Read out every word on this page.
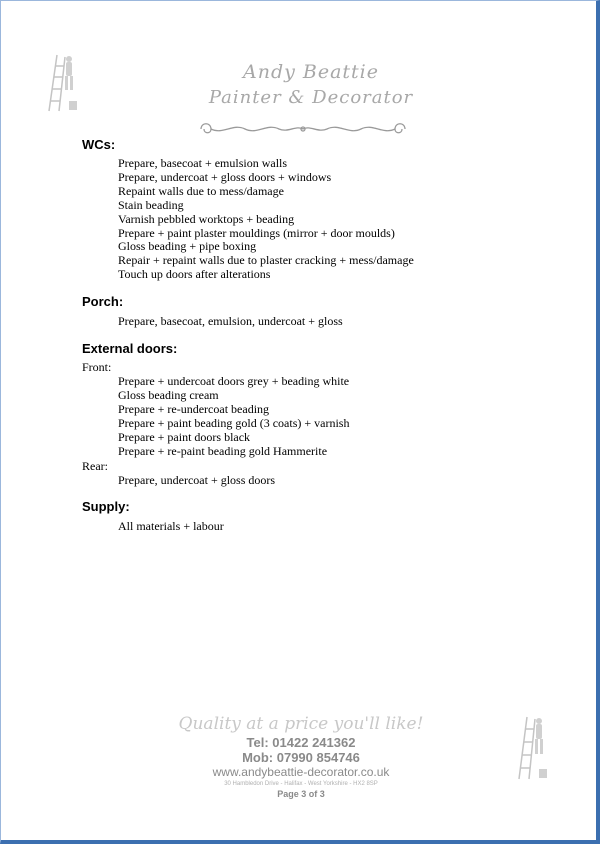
Andy Beattie
Painter & Decorator
WCs:
Prepare, basecoat + emulsion walls
Prepare, undercoat + gloss doors + windows
Repaint walls due to mess/damage
Stain beading
Varnish pebbled worktops + beading
Prepare + paint plaster mouldings (mirror + door moulds)
Gloss beading + pipe boxing
Repair + repaint walls due to plaster cracking + mess/damage
Touch up doors after alterations
Porch:
Prepare, basecoat, emulsion, undercoat + gloss
External doors:
Front:
Prepare + undercoat doors grey + beading white
Gloss beading cream
Prepare + re-undercoat beading
Prepare + paint beading gold (3 coats) + varnish
Prepare + paint doors black
Prepare + re-paint beading gold Hammerite
Rear:
Prepare, undercoat + gloss doors
Supply:
All materials + labour
Quality at a price you'll like!
Tel: 01422 241362
Mob: 07990 854746
www.andybeattie-decorator.co.uk
30 Hambledon Drive - Halifax - West Yorkshire - HX2 8SP
Page 3 of 3
